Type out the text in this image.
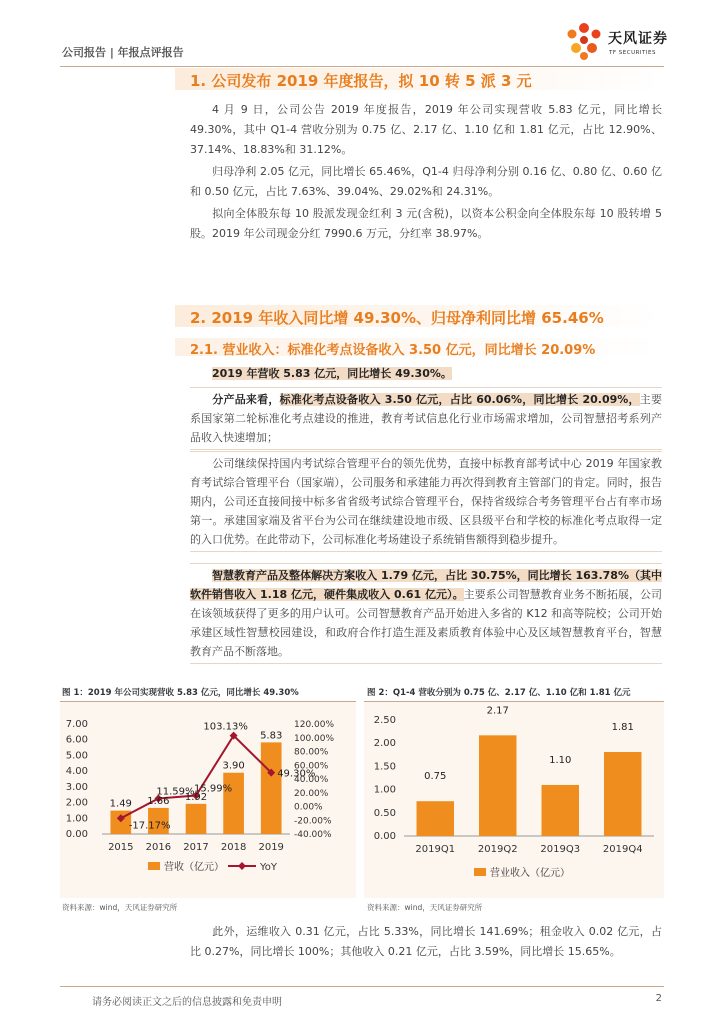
公司报告 | 年报点评报告
天风证券
TF SECURITIES
1. 公司发布 2019 年度报告，拟 10 转 5 派 3 元
4 月 9 日，公司公告 2019 年度报告，2019 年公司实现营收 5.83 亿元，同比增长 49.30%，其中 Q1-4 营收分别为 0.75 亿、2.17 亿、1.10 亿和 1.81 亿元，占比 12.90%、37.14%、18.83%和 31.12%。
归母净利 2.05 亿元，同比增长 65.46%，Q1-4 归母净利分别 0.16 亿、0.80 亿、0.60 亿和 0.50 亿元，占比 7.63%、39.04%、29.02%和 24.31%。
拟向全体股东每 10 股派发现金红利 3 元(含税)，以资本公积金向全体股东每 10 股转增 5 股。2019 年公司现金分红 7990.6 万元，分红率 38.97%。
2. 2019 年收入同比增 49.30%、归母净利同比增 65.46%
2.1. 营业收入：标准化考点设备收入 3.50 亿元，同比增长 20.09%
2019 年营收 5.83 亿元，同比增长 49.30%。
分产品来看，标准化考点设备收入 3.50 亿元，占比 60.06%，同比增长 20.09%，主要系国家第二轮标准化考点建设的推进，教育考试信息化行业市场需求增加，公司智慧招考系列产品收入快速增加；
公司继续保持国内考试综合管理平台的领先优势，直接中标教育部考试中心 2019 年国家教育考试综合管理平台（国家端），公司服务和承建能力再次得到教育主管部门的肯定。同时，报告期内，公司还直接间接中标多省省级考试综合管理平台，保持省级综合考务管理平台占有率市场第一。承建国家端及省平台为公司在继续建设地市级、区县级平台和学校的标准化考点取得一定的入口优势。在此带动下，公司标准化考场建设子系统销售额得到稳步提升。
智慧教育产品及整体解决方案收入 1.79 亿元，占比 30.75%，同比增长 163.78%（其中软件销售收入 1.18 亿元，硬件集成收入 0.61 亿元）。主要系公司智慧教育业务不断拓展，公司在该领域获得了更多的用户认可。公司智慧教育产品开始进入多省的 K12 和高等院校；公司开始承建区域性智慧校园建设，和政府合作打造生涯及素质教育体验中心及区域智慧教育平台，智慧教育产品不断落地。
图 1：2019 年公司实现营收 5.83 亿元，同比增长 49.30%
7.00
6.00
5.00
4.00
3.00
2.00
1.00
0.00
120.00%
100.00%
80.00%
60.00%
40.00%
20.00%
0.00%
-20.00%
-40.00%
1.49
2015
1.66
2016
1.92
2017
3.90
2018
5.83
2019
-17.17%
11.59% 15.99%
103.13%
49.30%
营收（亿元）	YoY
资料来源：wind，天风证券研究所
图 2：Q1-4 营收分别为 0.75 亿、2.17 亿、1.10 亿和 1.81 亿元
2.50
2.00
1.50
1.00
0.50
0.00
0.75
2019Q1
2.17
2019Q2
1.10
2019Q3
1.81
2019Q4
营业收入（亿元）
资料来源：wind，天风证券研究所
此外，运维收入 0.31 亿元，占比 5.33%，同比增长 141.69%；租金收入 0.02 亿元，占比 0.27%，同比增长 100%；其他收入 0.21 亿元，占比 3.59%，同比增长 15.65%。
请务必阅读正文之后的信息披露和免责申明	2
